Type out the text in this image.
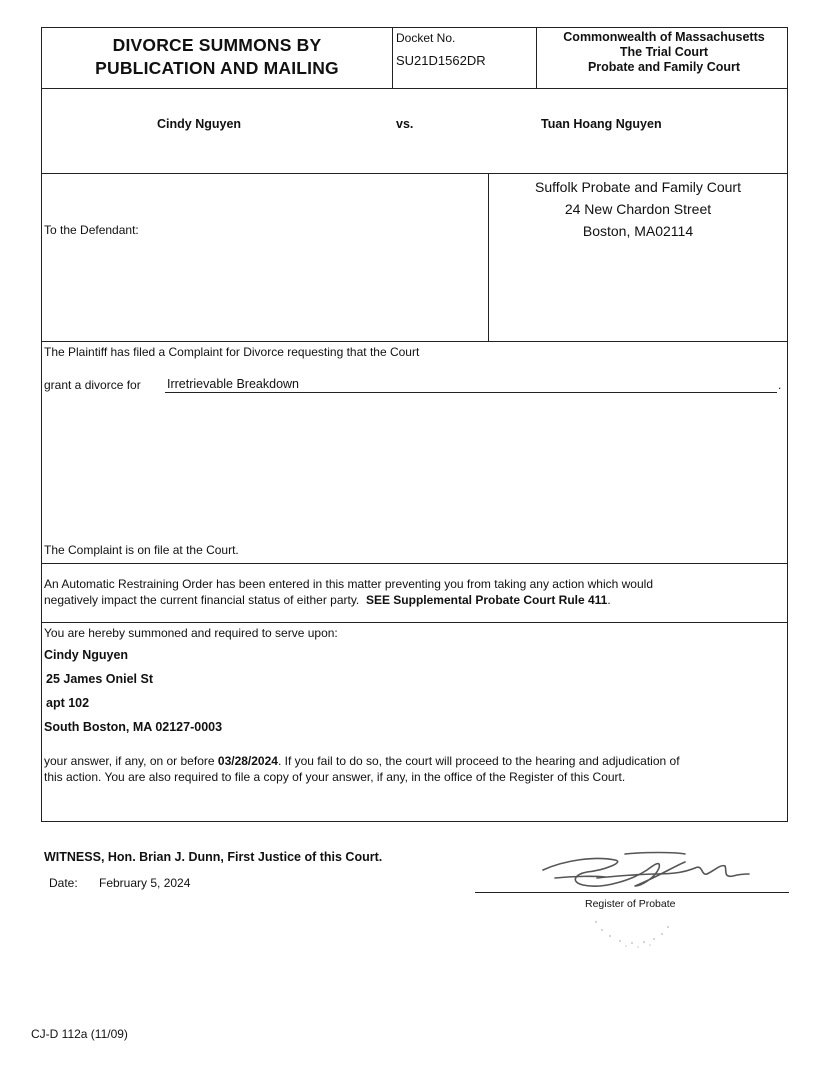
DIVORCE SUMMONS BY
PUBLICATION AND MAILING
Docket No.
SU21D1562DR
Commonwealth of Massachusetts
The Trial Court
Probate and Family Court
Cindy Nguyen	vs.	Tuan Hoang Nguyen
To the Defendant:
Suffolk Probate and Family Court
24 New Chardon Street
Boston, MA02114
The Plaintiff has filed a Complaint for Divorce requesting that the Court
grant a divorce for Irretrievable Breakdown	.
The Complaint is on file at the Court.
An Automatic Restraining Order has been entered in this matter preventing you from taking any action which would
negatively impact the current financial status of either party. SEE Supplemental Probate Court Rule 411.
You are hereby summoned and required to serve upon:
Cindy Nguyen
25 James Oniel St
apt 102
South Boston, MA 02127-0003
your answer, if any, on or before 03/28/2024. If you fail to do so, the court will proceed to the hearing and adjudication of
this action. You are also required to file a copy of your answer, if any, in the office of the Register of this Court.
WITNESS, Hon. Brian J. Dunn, First Justice of this Court.
Date: February 5, 2024
Register of Probate
CJ-D 112a (11/09)
